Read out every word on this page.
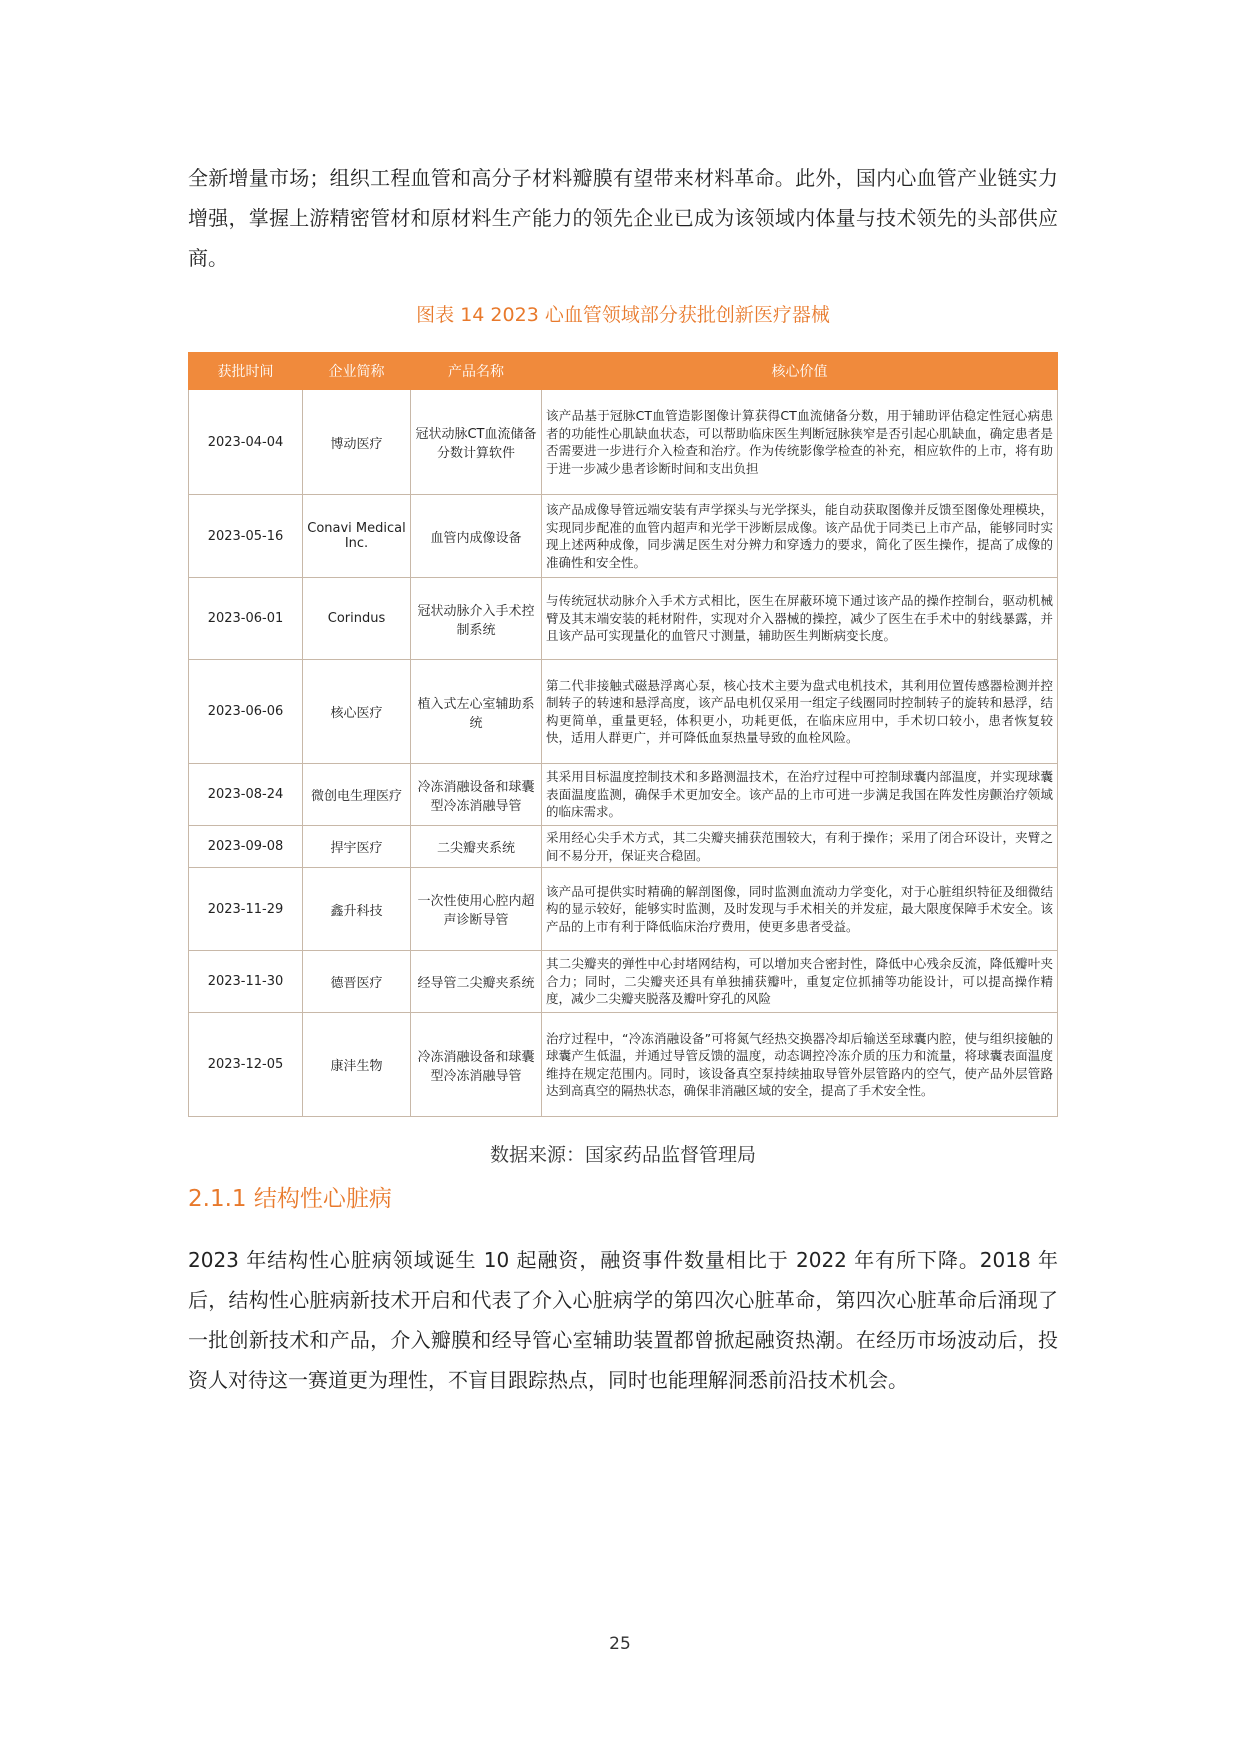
全新增量市场；组织工程血管和高分子材料瓣膜有望带来材料革命。此外，国内心血管产业链实力增强，掌握上游精密管材和原材料生产能力的领先企业已成为该领域内体量与技术领先的头部供应商。

图表 14 2023 心血管领域部分获批创新医疗器械

获批时间	企业简称	产品名称	核心价值
2023-04-04	博动医疗	冠状动脉CT血流储备分数计算软件	该产品基于冠脉CT血管造影图像计算获得CT血流储备分数，用于辅助评估稳定性冠心病患者的功能性心肌缺血状态，可以帮助临床医生判断冠脉狭窄是否引起心肌缺血，确定患者是否需要进一步进行介入检查和治疗。作为传统影像学检查的补充，相应软件的上市，将有助于进一步减少患者诊断时间和支出负担
2023-05-16	Conavi Medical Inc.	血管内成像设备	该产品成像导管远端安装有声学探头与光学探头，能自动获取图像并反馈至图像处理模块，实现同步配准的血管内超声和光学干涉断层成像。该产品优于同类已上市产品，能够同时实现上述两种成像，同步满足医生对分辨力和穿透力的要求，简化了医生操作，提高了成像的准确性和安全性。
2023-06-01	Corindus	冠状动脉介入手术控制系统	与传统冠状动脉介入手术方式相比，医生在屏蔽环境下通过该产品的操作控制台，驱动机械臂及其末端安装的耗材附件，实现对介入器械的操控，减少了医生在手术中的射线暴露，并且该产品可实现量化的血管尺寸测量，辅助医生判断病变长度。
2023-06-06	核心医疗	植入式左心室辅助系统	第二代非接触式磁悬浮离心泵，核心技术主要为盘式电机技术，其利用位置传感器检测并控制转子的转速和悬浮高度，该产品电机仅采用一组定子线圈同时控制转子的旋转和悬浮，结构更简单，重量更轻，体积更小，功耗更低，在临床应用中，手术切口较小，患者恢复较快，适用人群更广，并可降低血泵热量导致的血栓风险。
2023-08-24	微创电生理医疗	冷冻消融设备和球囊型冷冻消融导管	其采用目标温度控制技术和多路测温技术，在治疗过程中可控制球囊内部温度，并实现球囊表面温度监测，确保手术更加安全。该产品的上市可进一步满足我国在阵发性房颤治疗领域的临床需求。
2023-09-08	捍宇医疗	二尖瓣夹系统	采用经心尖手术方式，其二尖瓣夹捕获范围较大，有利于操作；采用了闭合环设计，夹臂之间不易分开，保证夹合稳固。
2023-11-29	鑫升科技	一次性使用心腔内超声诊断导管	该产品可提供实时精确的解剖图像，同时监测血流动力学变化，对于心脏组织特征及细微结构的显示较好，能够实时监测，及时发现与手术相关的并发症，最大限度保障手术安全。该产品的上市有利于降低临床治疗费用，使更多患者受益。
2023-11-30	德晋医疗	经导管二尖瓣夹系统	其二尖瓣夹的弹性中心封堵网结构，可以增加夹合密封性，降低中心残余反流，降低瓣叶夹合力；同时，二尖瓣夹还具有单独捕获瓣叶，重复定位抓捕等功能设计，可以提高操作精度，减少二尖瓣夹脱落及瓣叶穿孔的风险
2023-12-05	康沣生物	冷冻消融设备和球囊型冷冻消融导管	治疗过程中，“冷冻消融设备”可将氮气经热交换器冷却后输送至球囊内腔，使与组织接触的球囊产生低温，并通过导管反馈的温度，动态调控冷冻介质的压力和流量，将球囊表面温度维持在规定范围内。同时，该设备真空泵持续抽取导管外层管路内的空气，使产品外层管路达到高真空的隔热状态，确保非消融区域的安全，提高了手术安全性。

数据来源：国家药品监督管理局

2.1.1 结构性心脏病

2023 年结构性心脏病领域诞生 10 起融资，融资事件数量相比于 2022 年有所下降。2018 年后，结构性心脏病新技术开启和代表了介入心脏病学的第四次心脏革命，第四次心脏革命后涌现了一批创新技术和产品，介入瓣膜和经导管心室辅助装置都曾掀起融资热潮。在经历市场波动后，投资人对待这一赛道更为理性，不盲目跟踪热点，同时也能理解洞悉前沿技术机会。

25
